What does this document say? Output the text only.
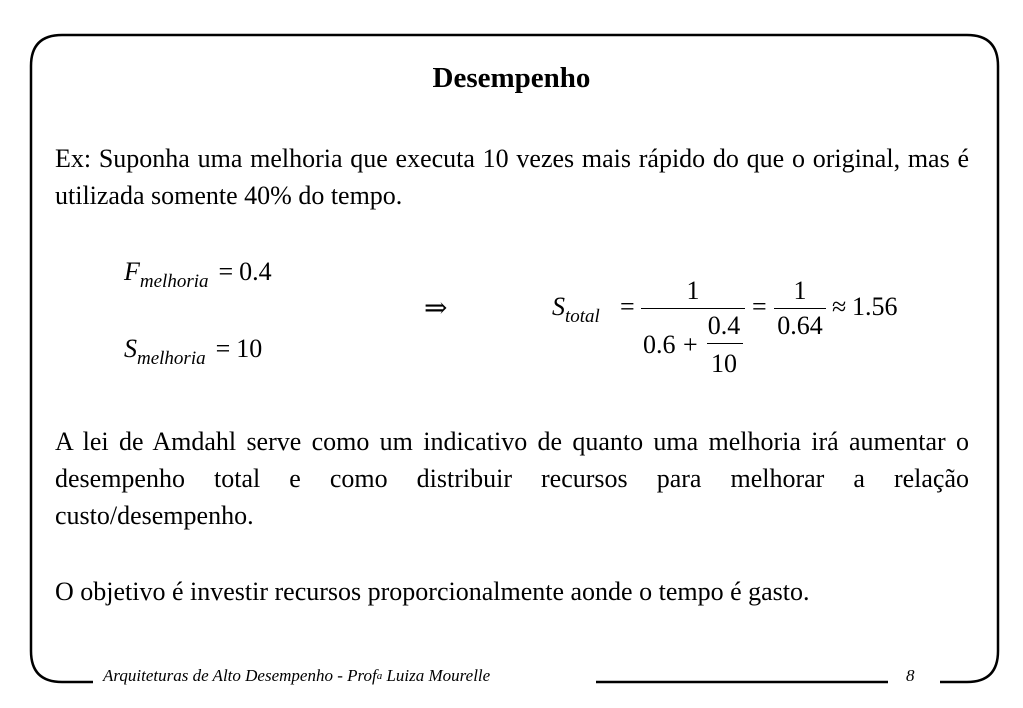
Desempenho
Ex: Suponha uma melhoria que executa 10 vezes mais rápido do que o original, mas é utilizada somente 40% do tempo.
$F_{melhoria} = 0.4$
$S_{melhoria} = 10$
⇒	$S_{total}$ =
1
0.6 +
0.4
10
=
1
0.64
≈ 1.56
A lei de Amdahl serve como um indicativo de quanto uma melhoria irá aumentar o desempenho total e como distribuir recursos para melhorar a relação custo/desempenho.
O objetivo é investir recursos proporcionalmente aonde o tempo é gasto.
Arquiteturas de Alto Desempenho - Prof$^a$ Luiza Mourelle	8
